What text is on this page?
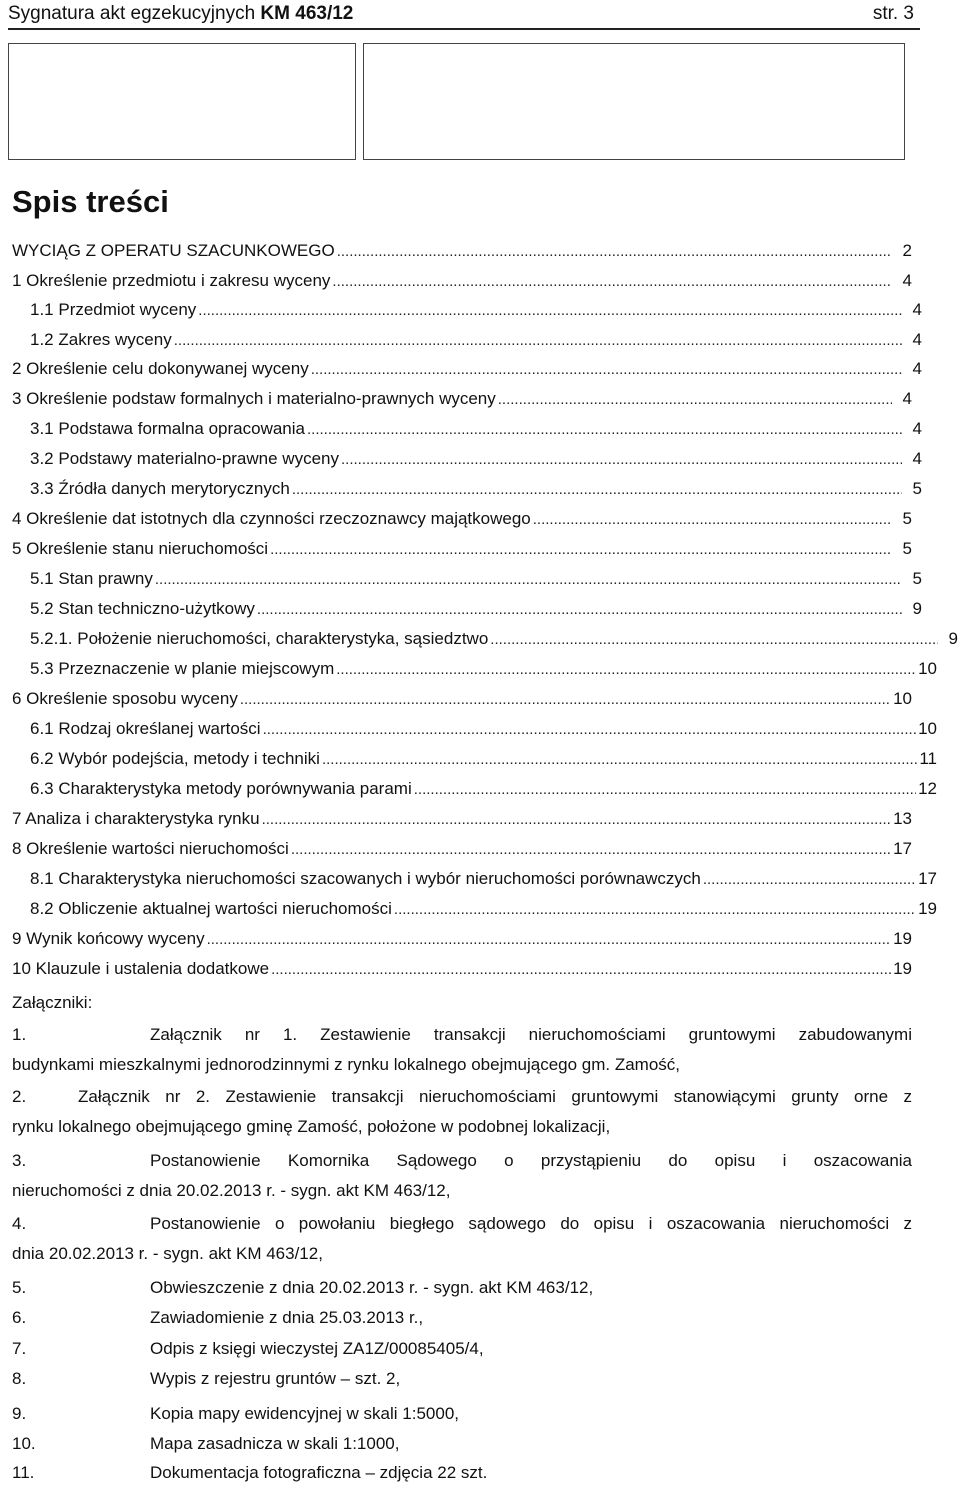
Sygnatura akt egzekucyjnych KM 463/12	str. 3
Spis treści
WYCIĄG Z OPERATU SZACUNKOWEGO .....	2
1 Określenie przedmiotu i zakresu wyceny .....	4
1.1 Przedmiot wyceny .....	4
1.2 Zakres wyceny .....	4
2 Określenie celu dokonywanej wyceny .....	4
3 Określenie podstaw formalnych i materialno-prawnych wyceny .....	4
3.1 Podstawa formalna opracowania .....	4
3.2 Podstawy materialno-prawne wyceny .....	4
3.3 Źródła danych merytorycznych .....	5
4 Określenie dat istotnych dla czynności rzeczoznawcy majątkowego .....	5
5 Określenie stanu nieruchomości .....	5
5.1 Stan prawny .....	5
5.2 Stan techniczno-użytkowy .....	9
5.2.1. Położenie nieruchomości, charakterystyka, sąsiedztwo .....	9
5.3 Przeznaczenie w planie miejscowym .....	10
6 Określenie sposobu wyceny .....	10
6.1 Rodzaj określanej wartości .....	10
6.2 Wybór podejścia, metody i techniki .....	11
6.3 Charakterystyka metody porównywania parami .....	12
7 Analiza i charakterystyka rynku .....	13
8 Określenie wartości nieruchomości .....	17
8.1 Charakterystyka nieruchomości szacowanych i wybór nieruchomości porównawczych .....	17
8.2 Obliczenie aktualnej wartości nieruchomości .....	19
9 Wynik końcowy wyceny .....	19
10 Klauzule i ustalenia dodatkowe .....	19
Załączniki:
1.	Załącznik nr 1. Zestawienie transakcji nieruchomościami gruntowymi zabudowanymi
budynkami mieszkalnymi jednorodzinnymi z rynku lokalnego obejmującego gm. Zamość,
2.	Załącznik nr 2. Zestawienie transakcji nieruchomościami gruntowymi stanowiącymi grunty orne z
rynku lokalnego obejmującego gminę Zamość, położone w podobnej lokalizacji,
3.	Postanowienie Komornika Sądowego o przystąpieniu do opisu i oszacowania
nieruchomości z dnia 20.02.2013 r. - sygn. akt KM 463/12,
4.	Postanowienie o powołaniu biegłego sądowego do opisu i oszacowania nieruchomości z
dnia 20.02.2013 r. - sygn. akt KM 463/12,
5.	Obwieszczenie z dnia 20.02.2013 r. - sygn. akt KM 463/12,
6.	Zawiadomienie z dnia 25.03.2013 r.,
7.	Odpis z księgi wieczystej ZA1Z/00085405/4,
8.	Wypis z rejestru gruntów – szt. 2,
9.	Kopia mapy ewidencyjnej w skali 1:5000,
10.	Mapa zasadnicza w skali 1:1000,
11.	Dokumentacja fotograficzna – zdjęcia 22 szt.
